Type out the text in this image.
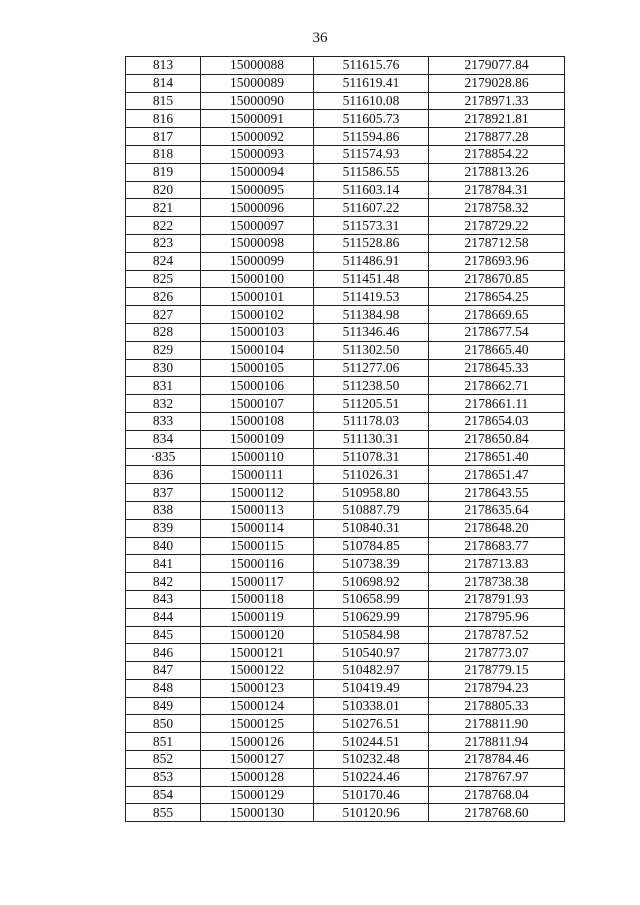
36
813	15000088	511615.76	2179077.84
814	15000089	511619.41	2179028.86
815	15000090	511610.08	2178971.33
816	15000091	511605.73	2178921.81
817	15000092	511594.86	2178877.28
818	15000093	511574.93	2178854.22
819	15000094	511586.55	2178813.26
820	15000095	511603.14	2178784.31
821	15000096	511607.22	2178758.32
822	15000097	511573.31	2178729.22
823	15000098	511528.86	2178712.58
824	15000099	511486.91	2178693.96
825	15000100	511451.48	2178670.85
826	15000101	511419.53	2178654.25
827	15000102	511384.98	2178669.65
828	15000103	511346.46	2178677.54
829	15000104	511302.50	2178665.40
830	15000105	511277.06	2178645.33
831	15000106	511238.50	2178662.71
832	15000107	511205.51	2178661.11
833	15000108	511178.03	2178654.03
834	15000109	511130.31	2178650.84
·835	15000110	511078.31	2178651.40
836	15000111	511026.31	2178651.47
837	15000112	510958.80	2178643.55
838	15000113	510887.79	2178635.64
839	15000114	510840.31	2178648.20
840	15000115	510784.85	2178683.77
841	15000116	510738.39	2178713.83
842	15000117	510698.92	2178738.38
843	15000118	510658.99	2178791.93
844	15000119	510629.99	2178795.96
845	15000120	510584.98	2178787.52
846	15000121	510540.97	2178773.07
847	15000122	510482.97	2178779.15
848	15000123	510419.49	2178794.23
849	15000124	510338.01	2178805.33
850	15000125	510276.51	2178811.90
851	15000126	510244.51	2178811.94
852	15000127	510232.48	2178784.46
853	15000128	510224.46	2178767.97
854	15000129	510170.46	2178768.04
855	15000130	510120.96	2178768.60
